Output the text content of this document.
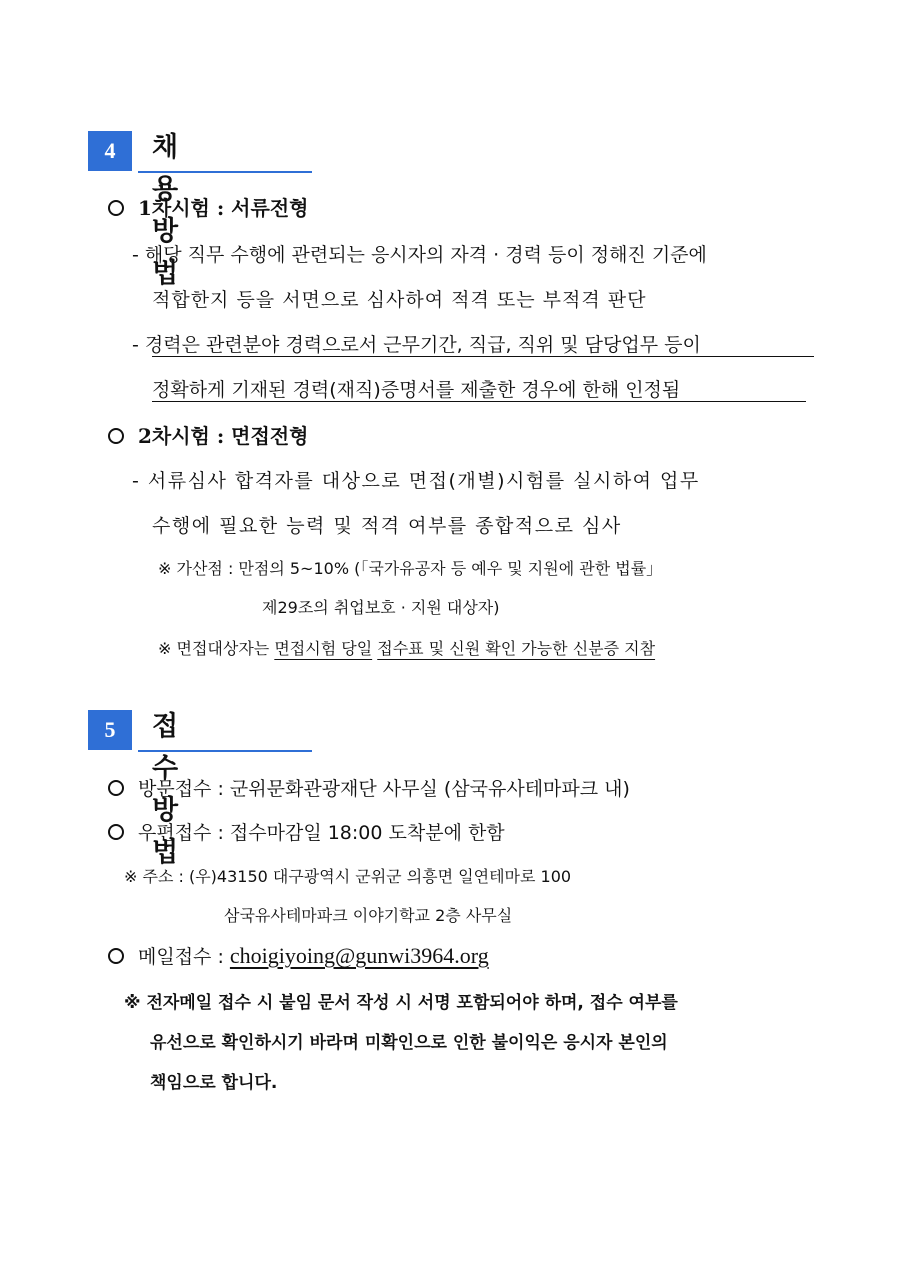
4	채용방법
1차시험 : 서류전형
- 해당 직무 수행에 관련되는 응시자의 자격 · 경력 등이 정해진 기준에
적합한지 등을 서면으로 심사하여 적격 또는 부적격 판단
- 경력은 관련분야 경력으로서 근무기간, 직급, 직위 및 담당업무 등이
정확하게 기재된 경력(재직)증명서를 제출한 경우에 한해 인정됨
2차시험 : 면접전형
- 서류심사 합격자를 대상으로 면접(개별)시험를 실시하여 업무
수행에 필요한 능력 및 적격 여부를 종합적으로 심사
※ 가산점 : 만점의 5~10% (「국가유공자 등 예우 및 지원에 관한 법률」
제29조의 취업보호 · 지원 대상자)
※ 면접대상자는 면접시험 당일 접수표 및 신원 확인 가능한 신분증 지참
5	접수방법
방문접수 : 군위문화관광재단 사무실 (삼국유사테마파크 내)
우편접수 : 접수마감일 18:00 도착분에 한함
※ 주소 : (우)43150 대구광역시 군위군 의흥면 일연테마로 100
삼국유사테마파크 이야기학교 2층 사무실
메일접수 : choigiyoing@gunwi3964.org
※ 전자메일 접수 시 붙임 문서 작성 시 서명 포함되어야 하며, 접수 여부를
유선으로 확인하시기 바라며 미확인으로 인한 불이익은 응시자 본인의
책임으로 합니다.
